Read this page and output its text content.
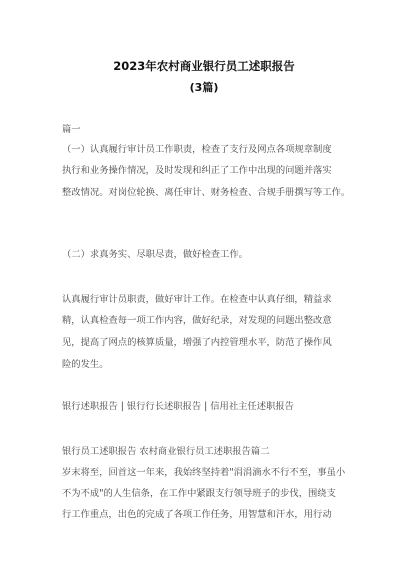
2023年农村商业银行员工述职报告
(3篇)
篇一
（一）认真履行审计员工作职责，检查了支行及网点各项规章制度
执行和业务操作情况，及时发现和纠正了工作中出现的问题并落实
整改情况。对岗位轮换、离任审计、财务检查、合规手册撰写等工作。
（二）求真务实、尽职尽责，做好检查工作。
认真履行审计员职责，做好审计工作。在检查中认真仔细，精益求
精，认真检查每一项工作内容，做好纪录，对发现的问题出整改意
见，提高了网点的核算质量，增强了内控管理水平，防范了操作风
险的发生。
银行述职报告 | 银行行长述职报告 | 信用社主任述职报告
银行员工述职报告 农村商业银行员工述职报告篇二
岁末将至，回首这一年来，我始终坚持着"涓涓滴水不行不至，事虽小
不为不成"的人生信条，在工作中紧跟支行领导班子的步伐，围绕支
行工作重点，出色的完成了各项工作任务，用智慧和汗水，用行动
